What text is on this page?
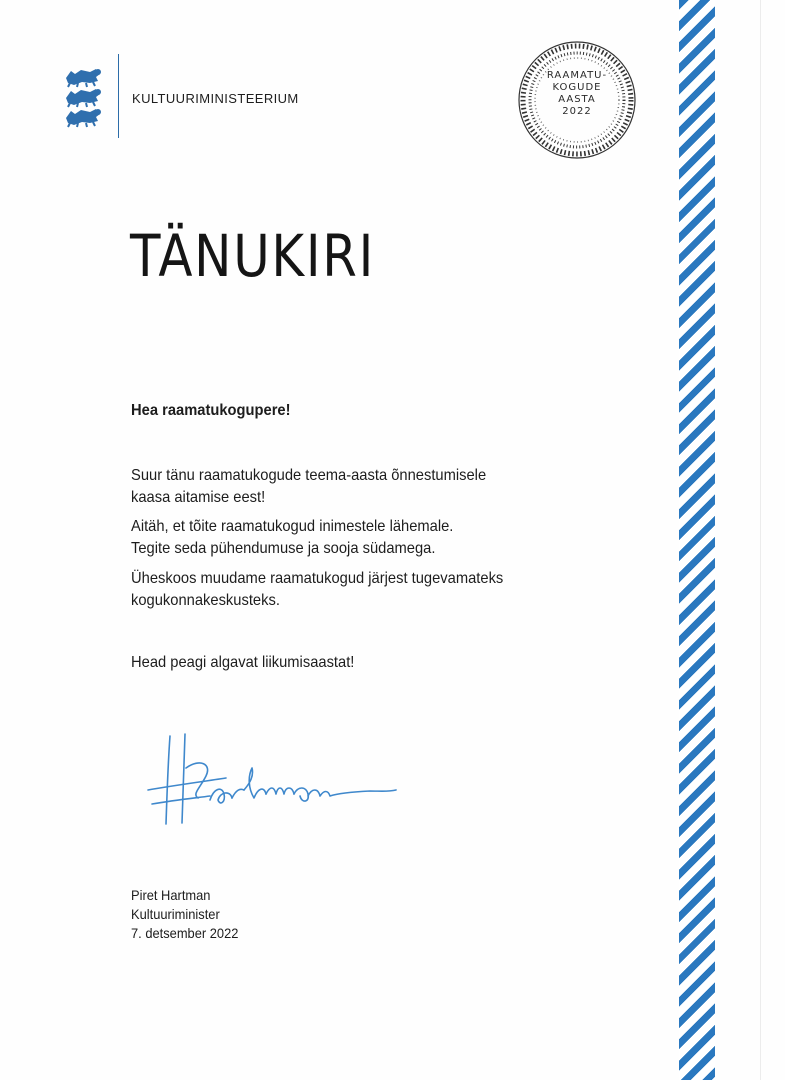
KULTUURIMINISTEERIUM
RAAMATU-
KOGUDE
AASTA
2022
TÄNUKIRI
Hea raamatukogupere!
Suur tänu raamatukogude teema-aasta õnnestumisele
kaasa aitamise eest!
Aitäh, et tõite raamatukogud inimestele lähemale.
Tegite seda pühendumuse ja sooja südamega.
Üheskoos muudame raamatukogud järjest tugevamateks
kogukonnakeskusteks.
Head peagi algavat liikumisaastat!
Piret Hartman
Kultuuriminister
7. detsember 2022
